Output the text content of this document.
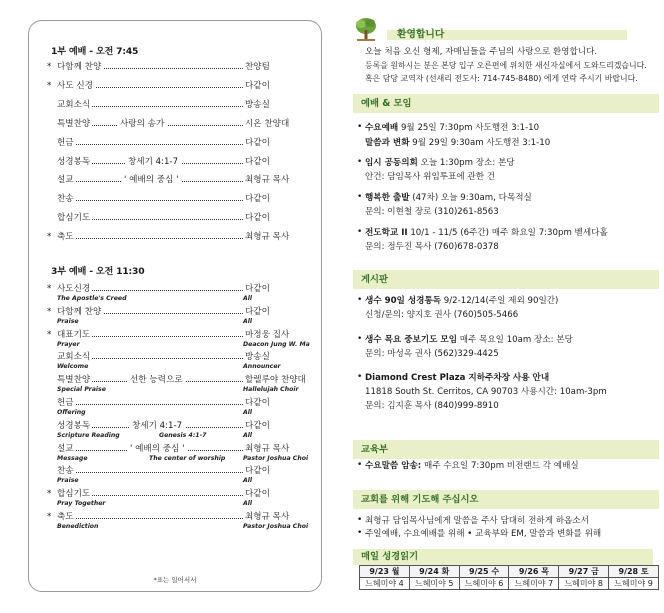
1부 예배 - 오전 7:45
* 다함께 찬양	찬양팀
* 사도 신경	다같이
교회소식	방송실
특별찬양	사랑의 송가	시온 찬양대
헌금	다같이
성경봉독	창세기 4:1-7	다같이
설교	' 예배의 중심 '	최형규 목사
찬송	다같이
합심기도	다같이
* 축도	최형규 목사
3부 예배 - 오전 11:30
* 사도신경	다같이
The Apostle's Creed	All
* 다함께 찬양	다같이
Praise	All
* 대표기도	마정웅 집사
Prayer	Deacon Jung W. Ma
교회소식	방송실
Welcome	Announcer
특별찬양	선한 능력으로	할렐루야 찬양대
Special Praise	Hallelujah Choir
헌금	다같이
Offering	All
성경봉독	창세기 4:1-7	다같이
Scripture Reading	Genesis 4:1-7	All
설교	' 예배의 중심 '	최형규 목사
Message	The center of worship	Pastor Joshua Choi
찬송	다같이
Praise	All
* 합심기도	다같이
Pray Together	All
* 축도	최형규 목사
Benediction	Pastor Joshua Choi
*표는 일어서서
환영합니다
오늘 처음 오신 형제, 자매님들을 주님의 사랑으로 환영합니다.
등록을 원하시는 분은 본당 입구 오른편에 위치한 새신자실에서 도와드리겠습니다.
혹은 담당 교역자 (선새리 전도사: 714-745-8480) 에게 연락 주시기 바랍니다.
예배 & 모임
• 수요예배 9월 25일 7:30pm 사도행전 3:1-10
말씀과 변화 9월 29일 9:30am 사도행전 3:1-10
• 임시 공동의회 오늘 1:30pm 장소: 본당
안건: 담임목사 위임투표에 관한 건
• 행복한 출발 (47차) 오늘 9:30am, 다목적실
문의: 이현철 장로 (310)261-8563
• 전도학교 II 10/1 - 11/5 (6주간) 매주 화요일 7:30pm 벧세다홀
문의: 정두진 목사 (760)678-0378
게시판
• 생수 90일 성경통독 9/2-12/14(주일 제외 90일간)
신청/문의: 양지호 권사 (760)505-5466
• 생수 목요 중보기도 모임 매주 목요일 10am 장소: 본당
문의: 마성옥 권사 (562)329-4425
• Diamond Crest Plaza 지하주차장 사용 안내
11818 South St. Cerritos, CA 90703 사용시간: 10am-3pm
문의: 김지훈 목사 (840)999-8910
교육부
• 수요말씀 암송: 매주 수요일 7:30pm 비전랜드 각 예배실
교회를 위해 기도해 주십시오
• 최형규 담임목사님에게 말씀을 주사 담대히 전하게 하옵소서
• 주일예배, 수요예배를 위해 • 교육부와 EM, 말씀과 변화를 위해
매일 성경읽기
9/23 월	9/24 화	9/25 수	9/26 목	9/27 금	9/28 토
느헤미야 4	느헤미야 5	느헤미야 6	느헤미야 7	느헤미야 8	느헤미야 9
